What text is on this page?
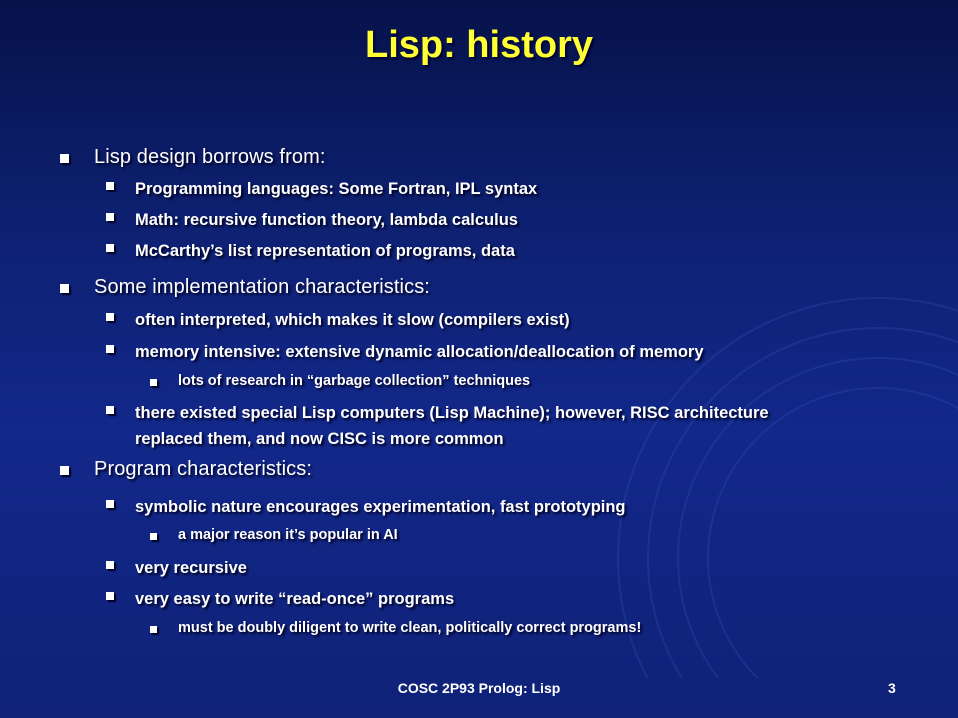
Lisp: history
Lisp design borrows from:
Programming languages: Some Fortran, IPL syntax
Math: recursive function theory, lambda calculus
McCarthy’s list representation of programs, data
Some implementation characteristics:
often interpreted, which makes it slow (compilers exist)
memory intensive: extensive dynamic allocation/deallocation of memory
lots of research in “garbage collection” techniques
there existed special Lisp computers (Lisp Machine); however, RISC architecture
replaced them, and now CISC is more common
Program characteristics:
symbolic nature encourages experimentation, fast prototyping
a major reason it’s popular in AI
very recursive
very easy to write “read-once” programs
must be doubly diligent to write clean, politically correct programs!
COSC 2P93 Prolog: Lisp	3
